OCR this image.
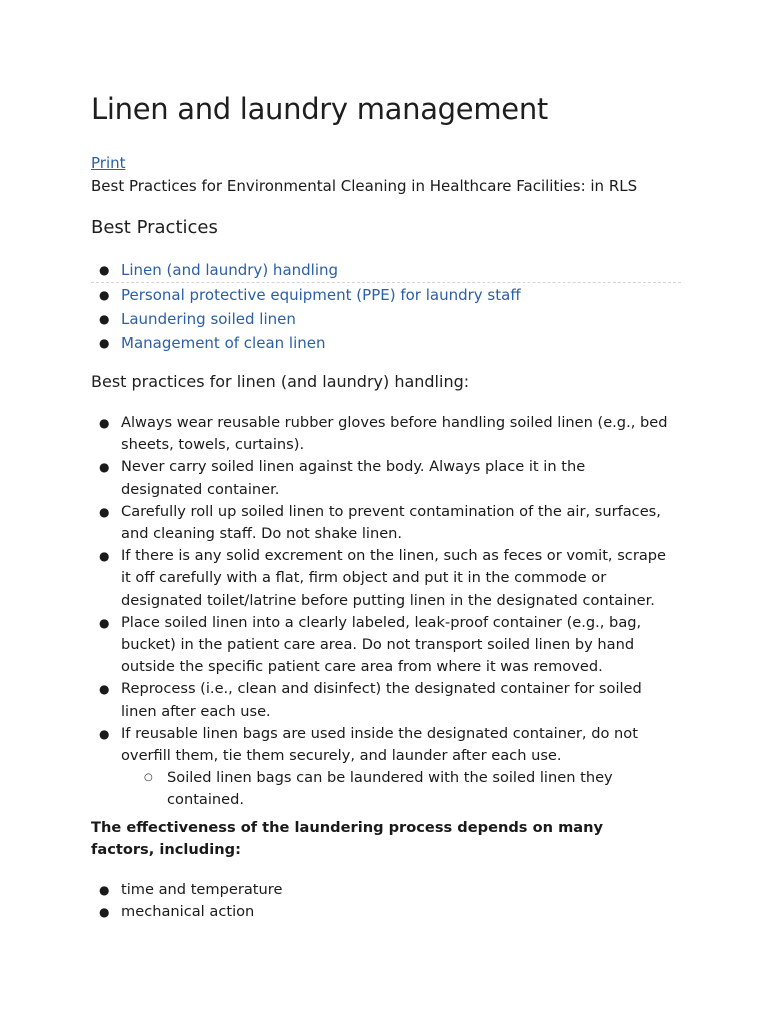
Linen and laundry management
Print
Best Practices for Environmental Cleaning in Healthcare Facilities: in RLS
Best Practices
● Linen (and laundry) handling
● Personal protective equipment (PPE) for laundry staff
● Laundering soiled linen
● Management of clean linen
Best practices for linen (and laundry) handling:
● Always wear reusable rubber gloves before handling soiled linen (e.g., bed sheets, towels, curtains).
● Never carry soiled linen against the body. Always place it in the designated container.
● Carefully roll up soiled linen to prevent contamination of the air, surfaces, and cleaning staff. Do not shake linen.
● If there is any solid excrement on the linen, such as feces or vomit, scrape it off carefully with a flat, firm object and put it in the commode or designated toilet/latrine before putting linen in the designated container.
● Place soiled linen into a clearly labeled, leak-proof container (e.g., bag, bucket) in the patient care area. Do not transport soiled linen by hand outside the specific patient care area from where it was removed.
● Reprocess (i.e., clean and disinfect) the designated container for soiled linen after each use.
● If reusable linen bags are used inside the designated container, do not overfill them, tie them securely, and launder after each use.
○ Soiled linen bags can be laundered with the soiled linen they contained.

The effectiveness of the laundering process depends on many factors, including:

● time and temperature
● mechanical action
